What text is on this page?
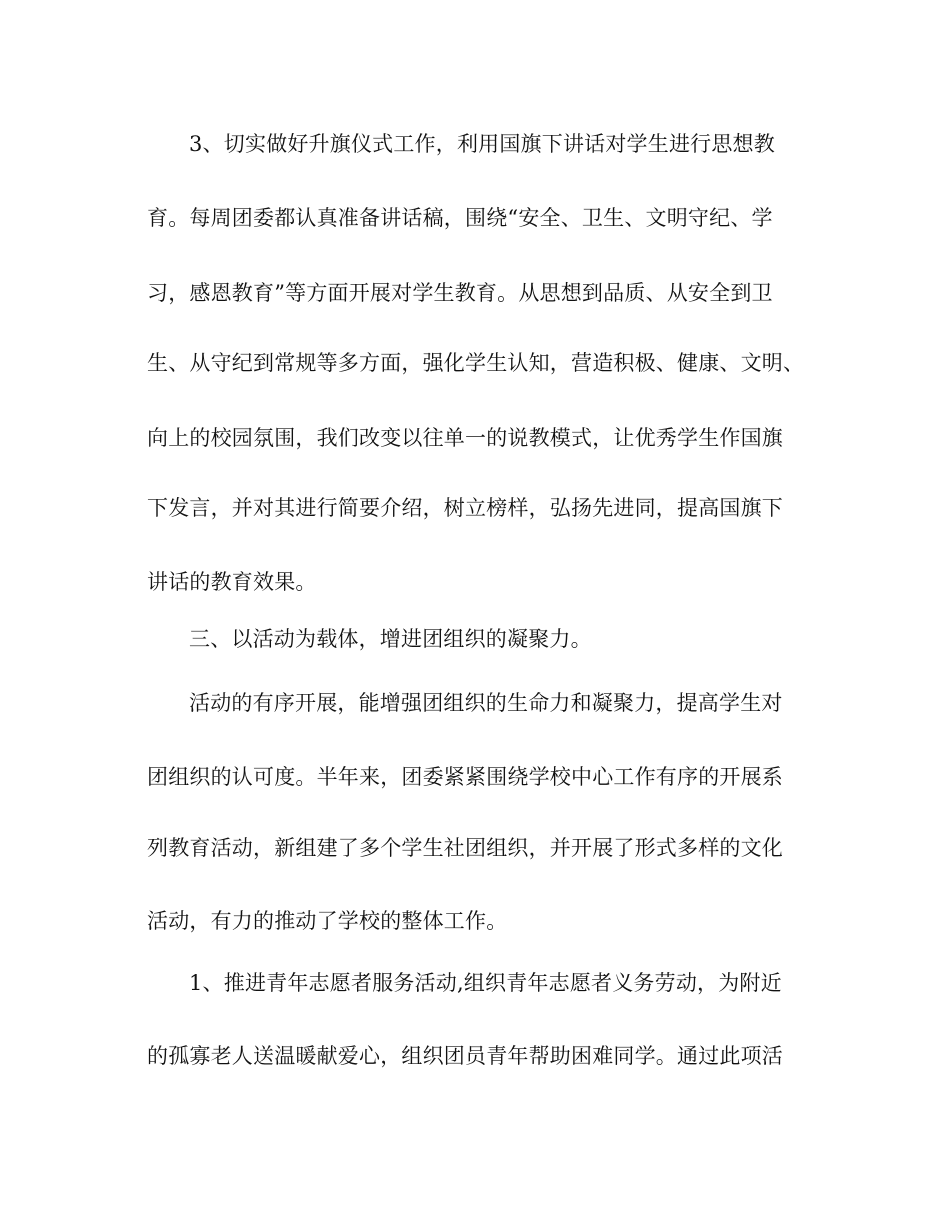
3、切实做好升旗仪式工作，利用国旗下讲话对学生进行思想教

育。每周团委都认真准备讲话稿，围绕“安全、卫生、文明守纪、学

习，感恩教育”等方面开展对学生教育。从思想到品质、从安全到卫

生、从守纪到常规等多方面，强化学生认知，营造积极、健康、文明、

向上的校园氛围，我们改变以往单一的说教模式，让优秀学生作国旗

下发言，并对其进行简要介绍，树立榜样，弘扬先进同，提高国旗下

讲话的教育效果。

三、以活动为载体，增进团组织的凝聚力。

活动的有序开展，能增强团组织的生命力和凝聚力，提高学生对

团组织的认可度。半年来，团委紧紧围绕学校中心工作有序的开展系

列教育活动，新组建了多个学生社团组织，并开展了形式多样的文化

活动，有力的推动了学校的整体工作。

1、推进青年志愿者服务活动,组织青年志愿者义务劳动，为附近

的孤寡老人送温暖献爱心，组织团员青年帮助困难同学。通过此项活
